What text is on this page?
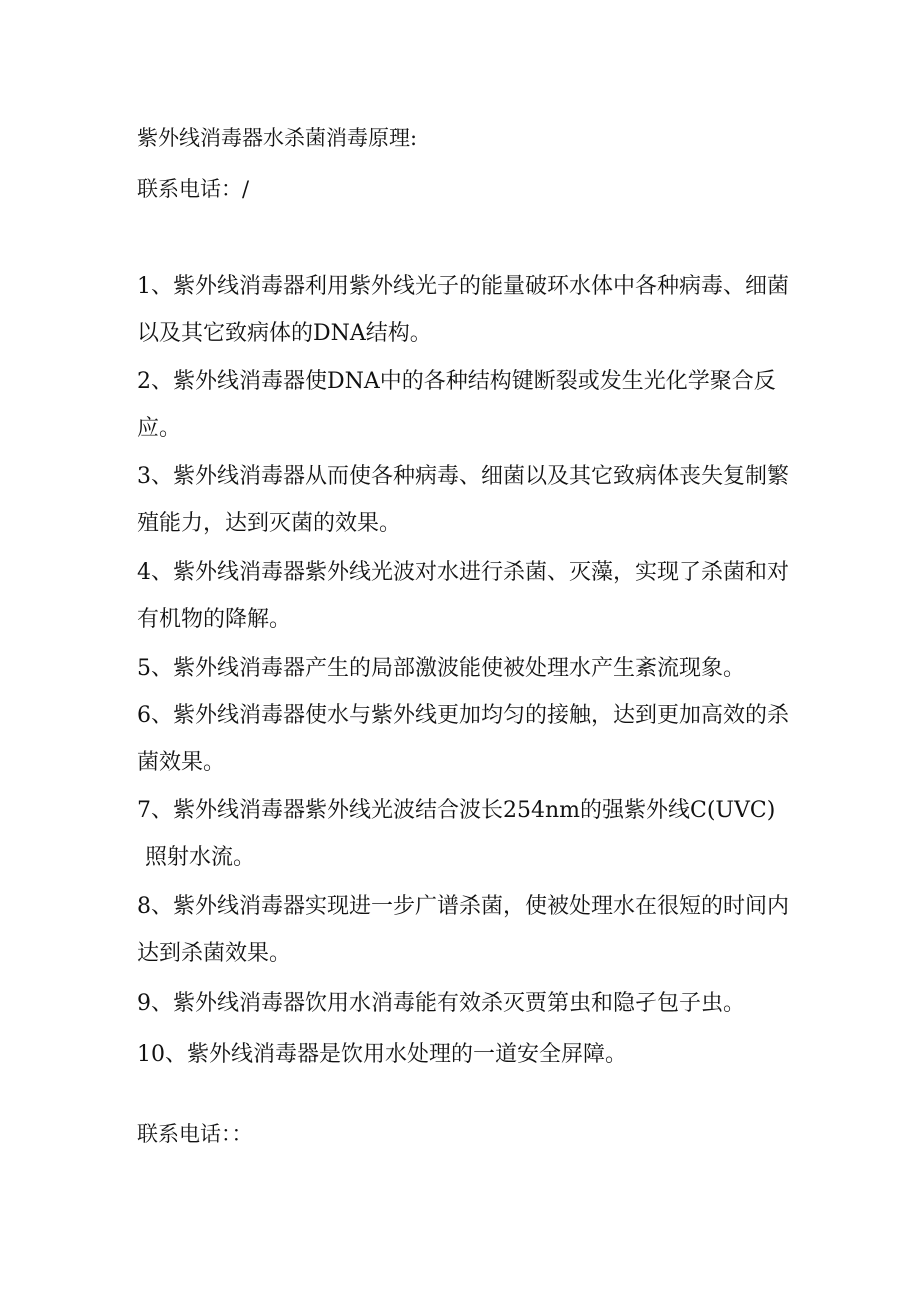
紫外线消毒器水杀菌消毒原理:
联系电话：/
1、紫外线消毒器利用紫外线光子的能量破环水体中各种病毒、细菌
以及其它致病体的DNA结构。
2、紫外线消毒器使DNA中的各种结构键断裂或发生光化学聚合反
应。
3、紫外线消毒器从而使各种病毒、细菌以及其它致病体丧失复制繁
殖能力，达到灭菌的效果。
4、紫外线消毒器紫外线光波对水进行杀菌、灭藻，实现了杀菌和对
有机物的降解。
5、紫外线消毒器产生的局部激波能使被处理水产生紊流现象。
6、紫外线消毒器使水与紫外线更加均匀的接触，达到更加高效的杀
菌效果。
7、紫外线消毒器紫外线光波结合波长254nm的强紫外线C(UVC)
照射水流。
8、紫外线消毒器实现进一步广谱杀菌，使被处理水在很短的时间内
达到杀菌效果。
9、紫外线消毒器饮用水消毒能有效杀灭贾第虫和隐孑包子虫。
10、紫外线消毒器是饮用水处理的一道安全屏障。
联系电话：：
